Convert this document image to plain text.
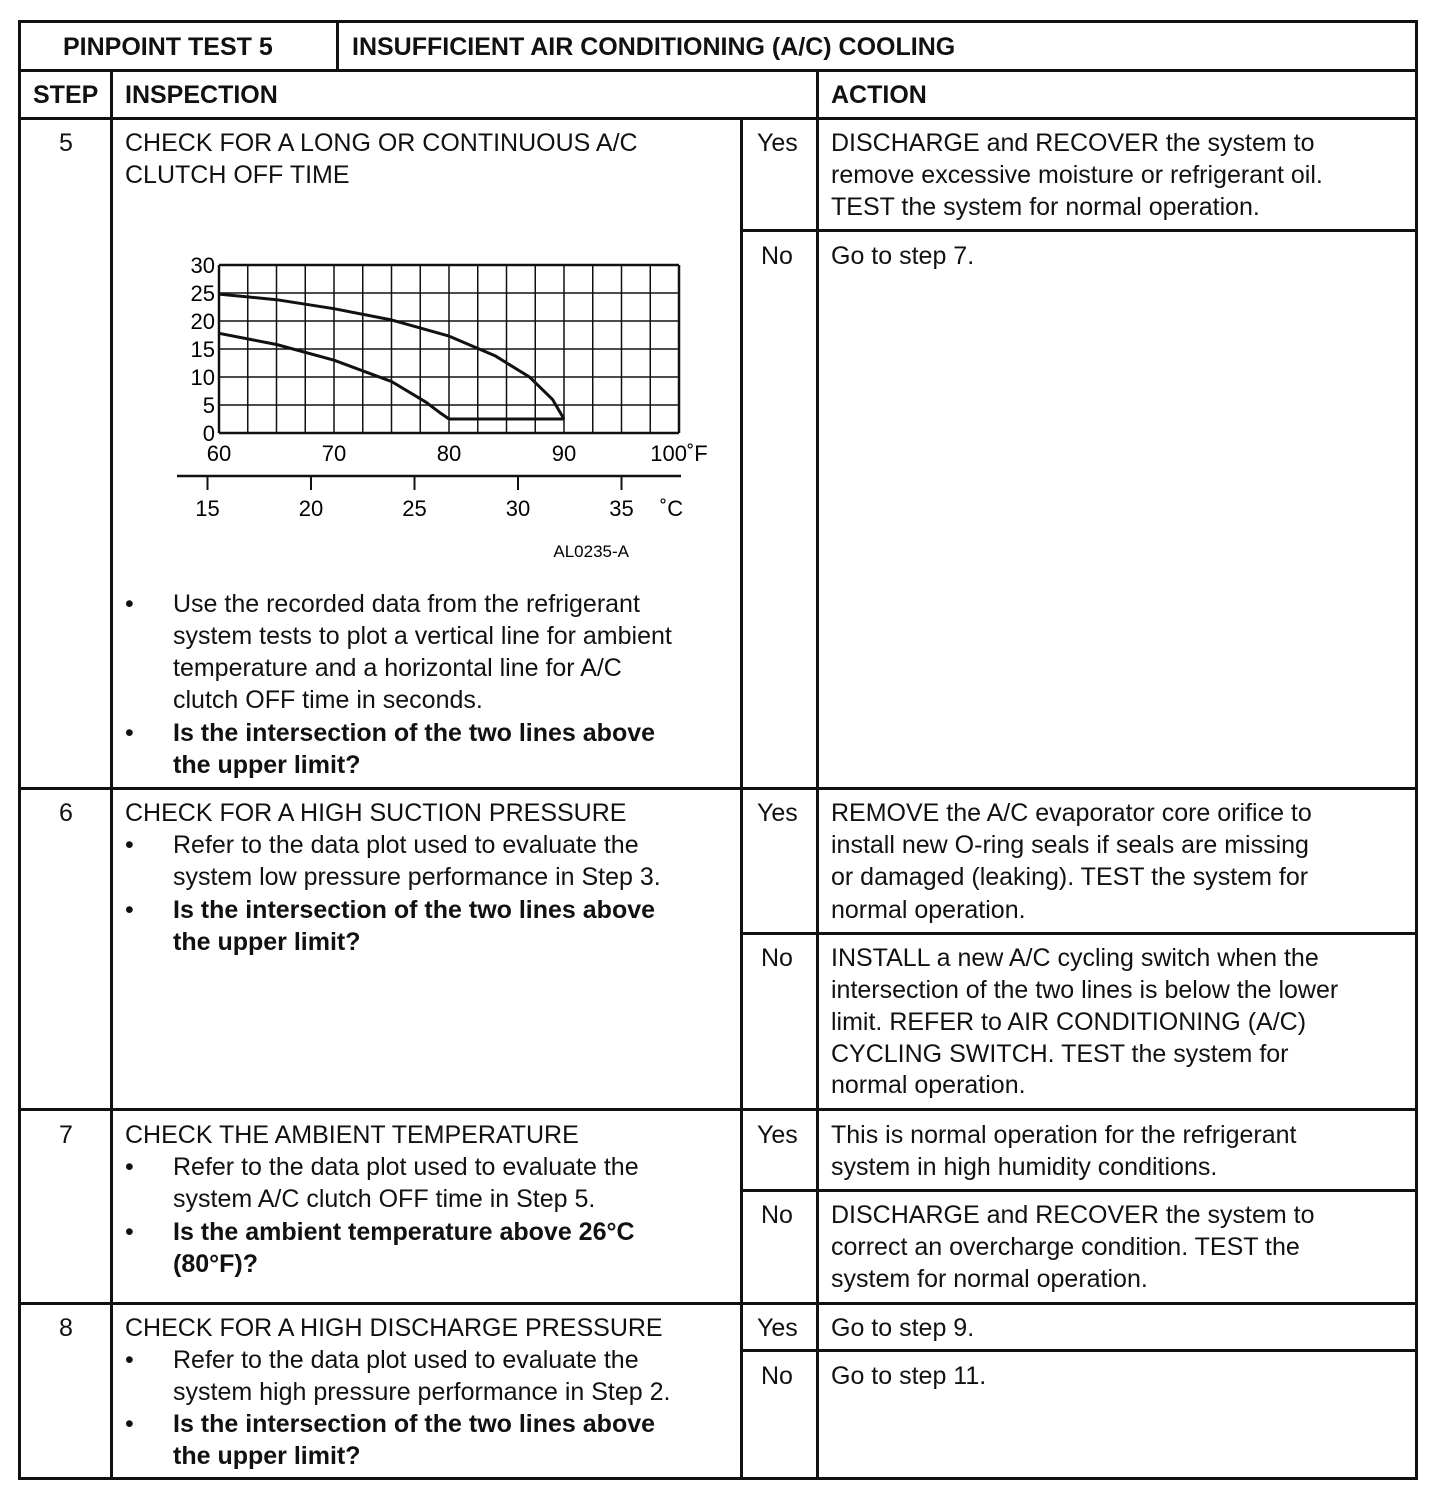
PINPOINT TEST 5	INSUFFICIENT AIR CONDITIONING (A/C) COOLING
STEP INSPECTION	ACTION
5 CHECK FOR A LONG OR CONTINUOUS A/C
CLUTCH OFF TIME
30
25
20
15
10
5
0
60	70	80	90	100˚F
15	20	25	30	35 ˚C
AL0235-A
• Use the recorded data from the refrigerant
system tests to plot a vertical line for ambient
temperature and a horizontal line for A/C
clutch OFF time in seconds.
• Is the intersection of the two lines above
the upper limit?
Yes DISCHARGE and RECOVER the system to
remove excessive moisture or refrigerant oil.
TEST the system for normal operation.
No Go to step 7.
6 CHECK FOR A HIGH SUCTION PRESSURE
• Refer to the data plot used to evaluate the
system low pressure performance in Step 3.
• Is the intersection of the two lines above
the upper limit?
Yes REMOVE the A/C evaporator core orifice to
install new O-ring seals if seals are missing
or damaged (leaking). TEST the system for
normal operation.
No INSTALL a new A/C cycling switch when the
intersection of the two lines is below the lower
limit. REFER to AIR CONDITIONING (A/C)
CYCLING SWITCH. TEST the system for
normal operation.
7 CHECK THE AMBIENT TEMPERATURE
• Refer to the data plot used to evaluate the
system A/C clutch OFF time in Step 5.
• Is the ambient temperature above 26°C
(80°F)?
Yes This is normal operation for the refrigerant
system in high humidity conditions.
No DISCHARGE and RECOVER the system to
correct an overcharge condition. TEST the
system for normal operation.
8 CHECK FOR A HIGH DISCHARGE PRESSURE
• Refer to the data plot used to evaluate the
system high pressure performance in Step 2.
• Is the intersection of the two lines above
the upper limit?
Yes Go to step 9.
No Go to step 11.
